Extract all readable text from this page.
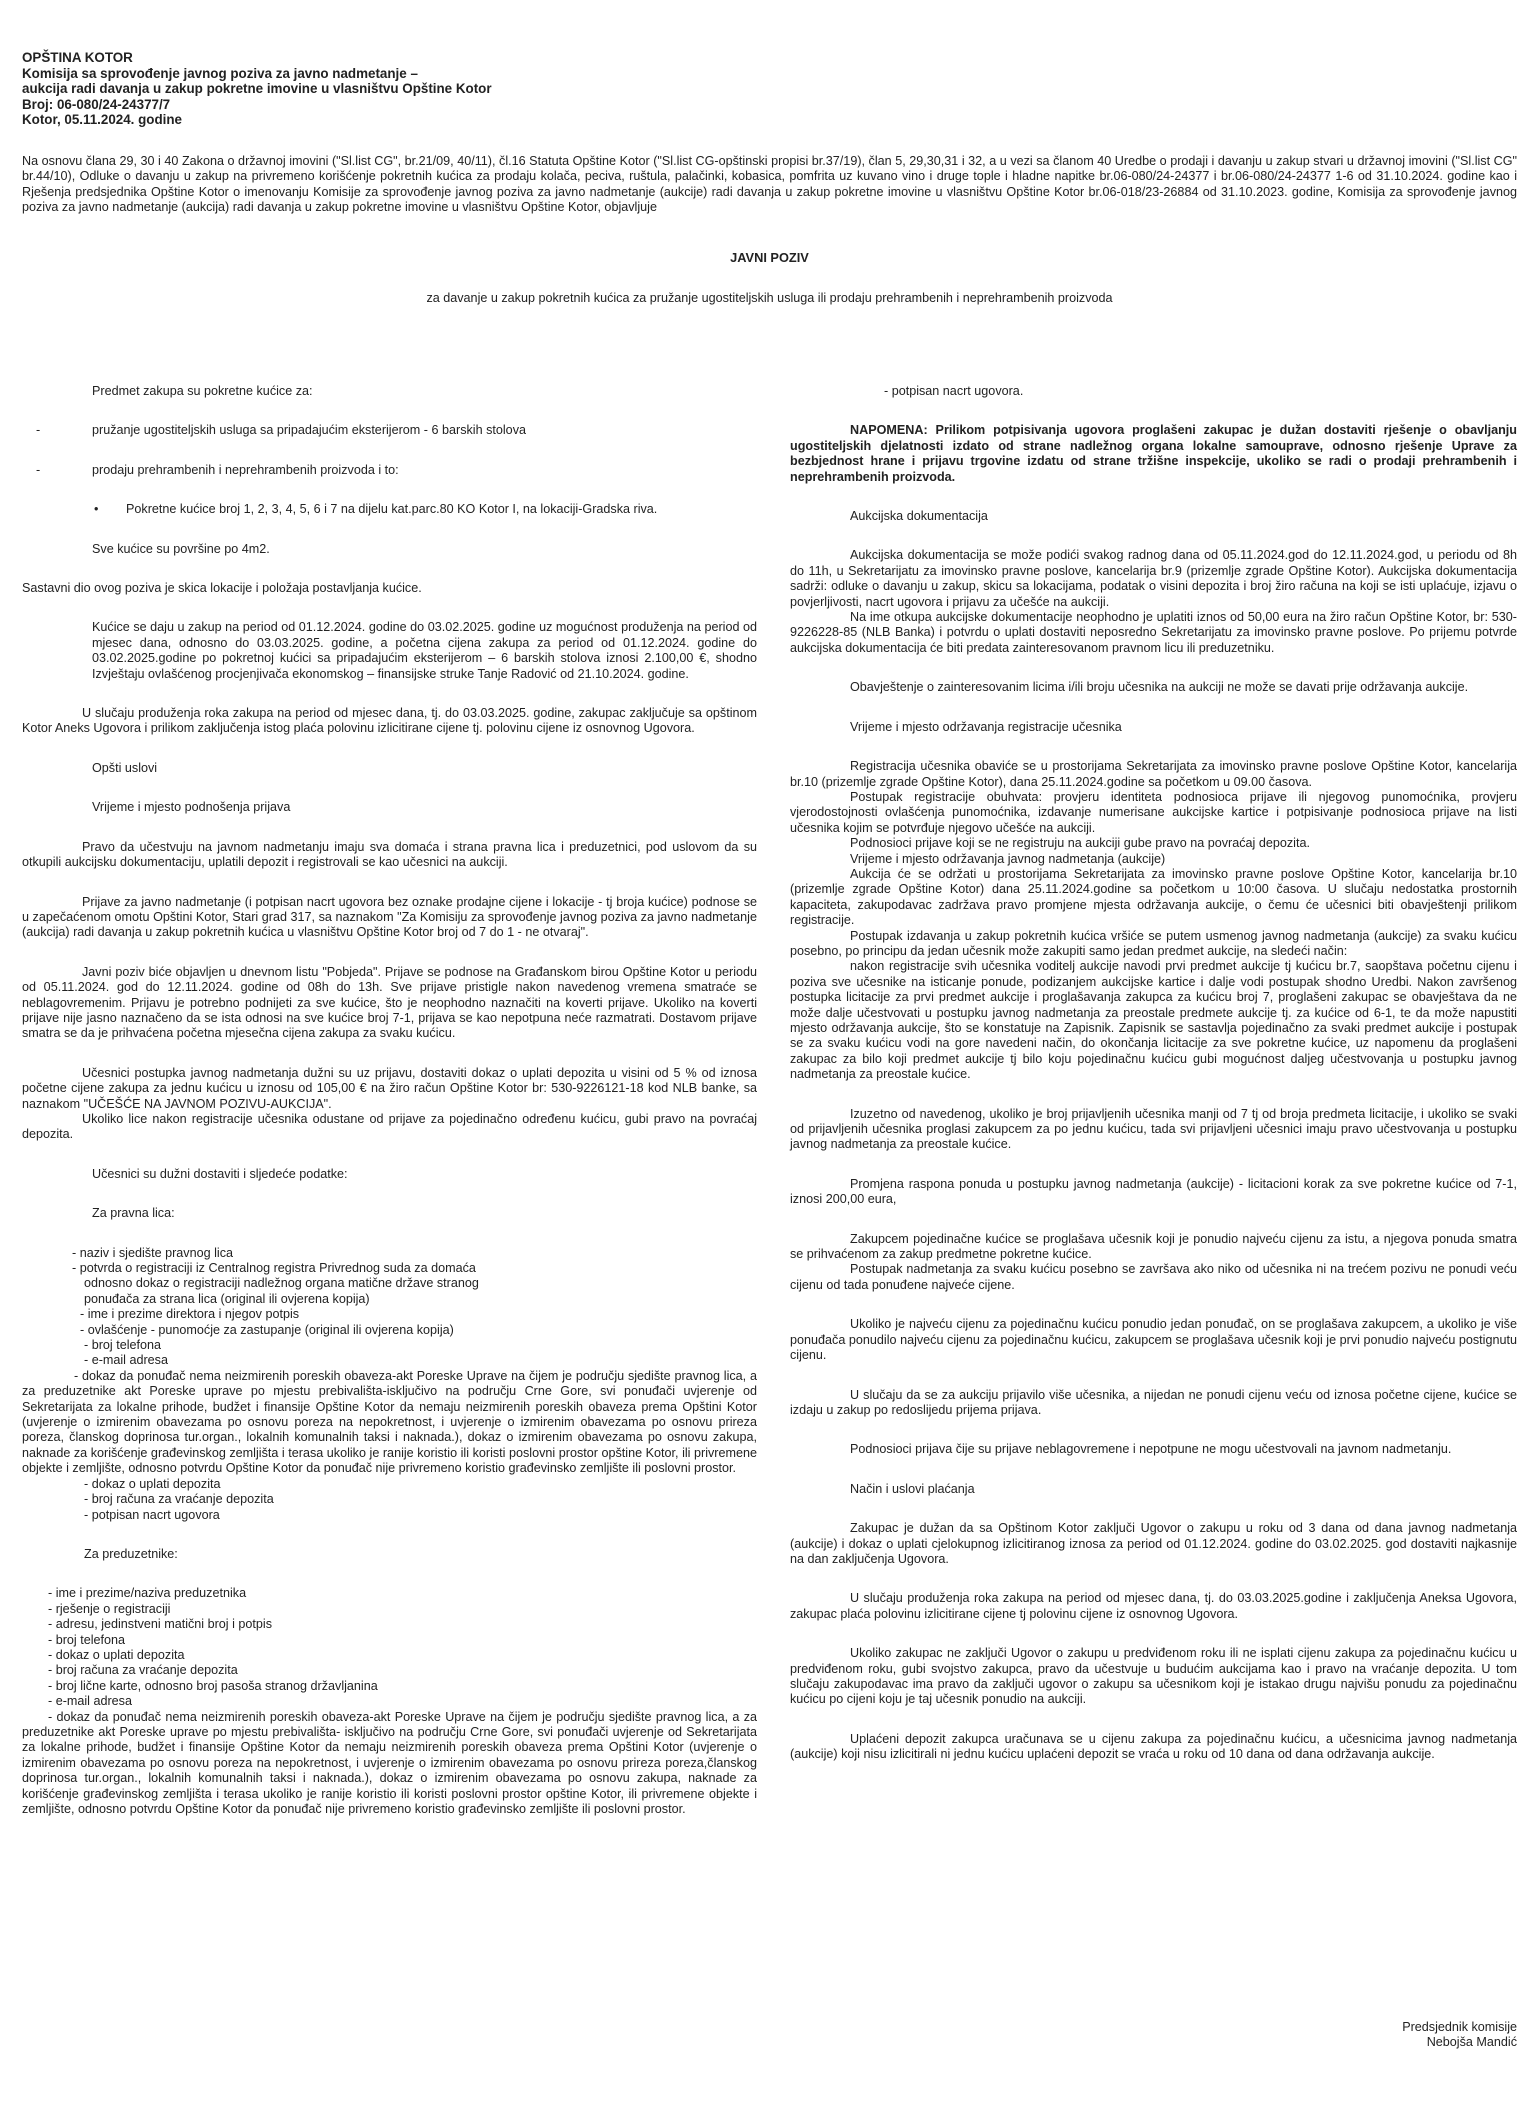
OPŠTINA KOTOR

Komisija sa sprovođenje javnog poziva za javno nadmetanje –

aukcija radi davanja u zakup pokretne imovine u vlasništvu Opštine Kotor

Broj: 06-080/24-24377/7

Kotor, 05.11.2024. godine

Na osnovu člana 29, 30 i 40 Zakona o državnoj imovini ("Sl.list CG", br.21/09, 40/11), čl.16 Statuta Opštine Kotor ("Sl.list CG-opštinski propisi br.37/19), član 5, 29,30,31 i 32, a u vezi sa članom 40 Uredbe o prodaji i davanju u zakup stvari u državnoj imovini ("Sl.list CG" br.44/10), Odluke o davanju u zakup na privremeno korišćenje pokretnih kućica za prodaju kolača, peciva, ruštula, palačinki, kobasica, pomfrita uz kuvano vino i druge tople i hladne napitke br.06-080/24-24377 i br.06-080/24-24377 1-6 od 31.10.2024. godine kao i Rješenja predsjednika Opštine Kotor o imenovanju Komisije za sprovođenje javnog poziva za javno nadmetanje (aukcije) radi davanja u zakup pokretne imovine u vlasništvu Opštine Kotor br.06-018/23-26884 od 31.10.2023. godine, Komisija za sprovođenje javnog poziva za javno nadmetanje (aukcija) radi davanja u zakup pokretne imovine u vlasništvu Opštine Kotor, objavljuje

JAVNI POZIV

za davanje u zakup pokretnih kućica za pružanje ugostiteljskih usluga ili prodaju prehrambenih i neprehrambenih proizvoda

Predmet zakupa su pokretne kućice za:

-	pružanje ugostiteljskih usluga sa pripadajućim eksterijerom - 6 barskih stolova
-	prodaju prehrambenih i neprehrambenih proizvoda i to:
•	Pokretne kućice broj 1, 2, 3, 4, 5, 6 i 7 na dijelu kat.parc.80 KO Kotor I, na lokaciji-Gradska riva.

Sve kućice su površine po 4m2.

Sastavni dio ovog poziva je skica lokacije i položaja postavljanja kućice.

Kućice se daju u zakup na period od 01.12.2024. godine do 03.02.2025. godine uz mogućnost produženja na period od mjesec dana, odnosno do 03.03.2025. godine, a početna cijena zakupa za period od 01.12.2024. godine do 03.02.2025.godine po pokretnoj kućici sa pripadajućim eksterijerom – 6 barskih stolova iznosi 2.100,00 €, shodno Izvještaju ovlašćenog procjenjivača ekonomskog – finansijske struke Tanje Radović od 21.10.2024. godine.

U slučaju produženja roka zakupa na period od mjesec dana, tj. do 03.03.2025. godine, zakupac zaključuje sa opštinom Kotor Aneks Ugovora i prilikom zaključenja istog plaća polovinu izlicitirane cijene tj. polovinu cijene iz osnovnog Ugovora.

Opšti uslovi

Vrijeme i mjesto podnošenja prijava

Pravo da učestvuju na javnom nadmetanju imaju sva domaća i strana pravna lica i preduzetnici, pod uslovom da su otkupili aukcijsku dokumentaciju, uplatili depozit i registrovali se kao učesnici na aukciji.

Prijave za javno nadmetanje (i potpisan nacrt ugovora bez oznake prodajne cijene i lokacije - tj broja kućice) podnose se u zapečaćenom omotu Opštini Kotor, Stari grad 317, sa naznakom "Za Komisiju za sprovođenje javnog poziva za javno nadmetanje (aukcija) radi davanja u zakup pokretnih kućica u vlasništvu Opštine Kotor broj od 7 do 1 - ne otvaraj".

Javni poziv biće objavljen u dnevnom listu "Pobjeda". Prijave se podnose na Građanskom birou Opštine Kotor u periodu od 05.11.2024. god do 12.11.2024. godine od 08h do 13h. Sve prijave pristigle nakon navedenog vremena smatraće se neblagovremenim. Prijavu je potrebno podnijeti za sve kućice, što je neophodno naznačiti na koverti prijave. Ukoliko na koverti prijave nije jasno naznačeno da se ista odnosi na sve kućice broj 7-1, prijava se kao nepotpuna neće razmatrati. Dostavom prijave smatra se da je prihvaćena početna mjesečna cijena zakupa za svaku kućicu.

Učesnici postupka javnog nadmetanja dužni su uz prijavu, dostaviti dokaz o uplati depozita u visini od 5 % od iznosa početne cijene zakupa za jednu kućicu u iznosu od 105,00 € na žiro račun Opštine Kotor br: 530-9226121-18 kod NLB banke, sa naznakom "UČEŠĆE NA JAVNOM POZIVU-AUKCIJA".

Ukoliko lice nakon registracije učesnika odustane od prijave za pojedinačno određenu kućicu, gubi pravo na povraćaj depozita.

Učesnici su dužni dostaviti i sljedeće podatke:

Za pravna lica:

- naziv i sjedište pravnog lica

- potvrda o registraciji iz Centralnog registra Privrednog suda za domaća

odnosno dokaz o registraciji nadležnog organa matične države stranog

ponuđača za strana lica (original ili ovjerena kopija)

- ime i prezime direktora i njegov potpis

- ovlašćenje - punomoćje za zastupanje (original ili ovjerena kopija)

- broj telefona

- e-mail adresa

- dokaz da ponuđač nema neizmirenih poreskih obaveza-akt Poreske Uprave na čijem je području sjedište pravnog lica, a za preduzetnike akt Poreske uprave po mjestu prebivališta-isključivo na području Crne Gore, svi ponuđači uvjerenje od Sekretarijata za lokalne prihode, budžet i finansije Opštine Kotor da nemaju neizmirenih poreskih obaveza prema Opštini Kotor (uvjerenje o izmirenim obavezama po osnovu poreza na nepokretnost, i uvjerenje o izmirenim obavezama po osnovu prireza poreza, članskog doprinosa tur.organ., lokalnih komunalnih taksi i naknada.), dokaz o izmirenim obavezama po osnovu zakupa, naknade za korišćenje građevinskog zemljišta i terasa ukoliko je ranije koristio ili koristi poslovni prostor opštine Kotor, ili privremene objekte i zemljište, odnosno potvrdu Opštine Kotor da ponuđač nije privremeno koristio građevinsko zemljište ili poslovni prostor.

- dokaz o uplati depozita

- broj računa za vraćanje depozita

- potpisan nacrt ugovora

Za preduzetnike:

- ime i prezime/naziva preduzetnika

- rješenje o registraciji

- adresu, jedinstveni matični broj i potpis

- broj telefona

- dokaz o uplati depozita

- broj računa za vraćanje depozita

- broj lične karte, odnosno broj pasoša stranog državljanina

- e-mail adresa

- dokaz da ponuđač nema neizmirenih poreskih obaveza-akt Poreske Uprave na čijem je području sjedište pravnog lica, a za preduzetnike akt Poreske uprave po mjestu prebivališta- isključivo na području Crne Gore, svi ponuđači uvjerenje od Sekretarijata za lokalne prihode, budžet i finansije Opštine Kotor da nemaju neizmirenih poreskih obaveza prema Opštini Kotor (uvjerenje o izmirenim obavezama po osnovu poreza na nepokretnost, i uvjerenje o izmirenim obavezama po osnovu prireza poreza,članskog doprinosa tur.organ., lokalnih komunalnih taksi i naknada.), dokaz o izmirenim obavezama po osnovu zakupa, naknade za korišćenje građevinskog zemljišta i terasa ukoliko je ranije koristio ili koristi poslovni prostor opštine Kotor, ili privremene objekte i zemljište, odnosno potvrdu Opštine Kotor da ponuđač nije privremeno koristio građevinsko zemljište ili poslovni prostor.

- potpisan nacrt ugovora.

NAPOMENA: Prilikom potpisivanja ugovora proglašeni zakupac je dužan dostaviti rješenje o obavljanju ugostiteljskih djelatnosti izdato od strane nadležnog organa lokalne samouprave, odnosno rješenje Uprave za bezbjednost hrane i prijavu trgovine izdatu od strane tržišne inspekcije, ukoliko se radi o prodaji prehrambenih i neprehrambenih proizvoda.

Aukcijska dokumentacija

Aukcijska dokumentacija se može podići svakog radnog dana od 05.11.2024.god do 12.11.2024.god, u periodu od 8h do 11h, u Sekretarijatu za imovinsko pravne poslove, kancelarija br.9 (prizemlje zgrade Opštine Kotor). Aukcijska dokumentacija sadrži: odluke o davanju u zakup, skicu sa lokacijama, podatak o visini depozita i broj žiro računa na koji se isti uplaćuje, izjavu o povjerljivosti, nacrt ugovora i prijavu za učešće na aukciji.

Na ime otkupa aukcijske dokumentacije neophodno je uplatiti iznos od 50,00 eura na žiro račun Opštine Kotor, br: 530-9226228-85 (NLB Banka) i potvrdu o uplati dostaviti neposredno Sekretarijatu za imovinsko pravne poslove. Po prijemu potvrde aukcijska dokumentacija će biti predata zainteresovanom pravnom licu ili preduzetniku.

Obavještenje o zainteresovanim licima i/ili broju učesnika na aukciji ne može se davati prije održavanja aukcije.

Vrijeme i mjesto održavanja registracije učesnika

Registracija učesnika obaviće se u prostorijama Sekretarijata za imovinsko pravne poslove Opštine Kotor, kancelarija br.10 (prizemlje zgrade Opštine Kotor), dana 25.11.2024.godine sa početkom u 09.00 časova.

Postupak registracije obuhvata: provjeru identiteta podnosioca prijave ili njegovog punomoćnika, provjeru vjerodostojnosti ovlašćenja punomoćnika, izdavanje numerisane aukcijske kartice i potpisivanje podnosioca prijave na listi učesnika kojim se potvrđuje njegovo učešće na aukciji.

Podnosioci prijave koji se ne registruju na aukciji gube pravo na povraćaj depozita.

Vrijeme i mjesto održavanja javnog nadmetanja (aukcije)

Aukcija će se održati u prostorijama Sekretarijata za imovinsko pravne poslove Opštine Kotor, kancelarija br.10 (prizemlje zgrade Opštine Kotor) dana 25.11.2024.godine sa početkom u 10:00 časova. U slučaju nedostatka prostornih kapaciteta, zakupodavac zadržava pravo promjene mjesta održavanja aukcije, o čemu će učesnici biti obavještenji prilikom registracije.

Postupak izdavanja u zakup pokretnih kućica vršiće se putem usmenog javnog nadmetanja (aukcije) za svaku kućicu posebno, po principu da jedan učesnik može zakupiti samo jedan predmet aukcije, na sledeći način:

nakon registracije svih učesnika voditelj aukcije navodi prvi predmet aukcije tj kućicu br.7, saopštava početnu cijenu i poziva sve učesnike na isticanje ponude, podizanjem aukcijske kartice i dalje vodi postupak shodno Uredbi. Nakon završenog postupka licitacije za prvi predmet aukcije i proglašavanja zakupca za kućicu broj 7, proglašeni zakupac se obavještava da ne može dalje učestvovati u postupku javnog nadmetanja za preostale predmete aukcije tj. za kućice od 6-1, te da može napustiti mjesto održavanja aukcije, što se konstatuje na Zapisnik. Zapisnik se sastavlja pojedinačno za svaki predmet aukcije i postupak se za svaku kućicu vodi na gore navedeni način, do okončanja licitacije za sve pokretne kućice, uz napomenu da proglašeni zakupac za bilo koji predmet aukcije tj bilo koju pojedinačnu kućicu gubi mogućnost daljeg učestvovanja u postupku javnog nadmetanja za preostale kućice.

Izuzetno od navedenog, ukoliko je broj prijavljenih učesnika manji od 7 tj od broja predmeta licitacije, i ukoliko se svaki od prijavljenih učesnika proglasi zakupcem za po jednu kućicu, tada svi prijavljeni učesnici imaju pravo učestvovanja u postupku javnog nadmetanja za preostale kućice.

Promjena raspona ponuda u postupku javnog nadmetanja (aukcije) - licitacioni korak za sve pokretne kućice od 7-1, iznosi 200,00 eura,

Zakupcem pojedinačne kućice se proglašava učesnik koji je ponudio najveću cijenu za istu, a njegova ponuda smatra se prihvaćenom za zakup predmetne pokretne kućice.

Postupak nadmetanja za svaku kućicu posebno se završava ako niko od učesnika ni na trećem pozivu ne ponudi veću cijenu od tada ponuđene najveće cijene.

Ukoliko je najveću cijenu za pojedinačnu kućicu ponudio jedan ponuđač, on se proglašava zakupcem, a ukoliko je više ponuđača ponudilo najveću cijenu za pojedinačnu kućicu, zakupcem se proglašava učesnik koji je prvi ponudio najveću postignutu cijenu.

U slučaju da se za aukciju prijavilo više učesnika, a nijedan ne ponudi cijenu veću od iznosa početne cijene, kućice se izdaju u zakup po redoslijedu prijema prijava.

Podnosioci prijava čije su prijave neblagovremene i nepotpune ne mogu učestvovali na javnom nadmetanju.

Način i uslovi plaćanja

Zakupac je dužan da sa Opštinom Kotor zaključi Ugovor o zakupu u roku od 3 dana od dana javnog nadmetanja (aukcije) i dokaz o uplati cjelokupnog izlicitiranog iznosa za period od 01.12.2024. godine do 03.02.2025. god dostaviti najkasnije na dan zaključenja Ugovora.

U slučaju produženja roka zakupa na period od mjesec dana, tj. do 03.03.2025.godine i zaključenja Aneksa Ugovora, zakupac plaća polovinu izlicitirane cijene tj polovinu cijene iz osnovnog Ugovora.

Ukoliko zakupac ne zaključi Ugovor o zakupu u predviđenom roku ili ne isplati cijenu zakupa za pojedinačnu kućicu u predviđenom roku, gubi svojstvo zakupca, pravo da učestvuje u budućim aukcijama kao i pravo na vraćanje depozita. U tom slučaju zakupodavac ima pravo da zaključi ugovor o zakupu sa učesnikom koji je istakao drugu najvišu ponudu za pojedinačnu kućicu po cijeni koju je taj učesnik ponudio na aukciji.

Uplaćeni depozit zakupca uračunava se u cijenu zakupa za pojedinačnu kućicu, a učesnicima javnog nadmetanja (aukcije) koji nisu izlicitirali ni jednu kućicu uplaćeni depozit se vraća u roku od 10 dana od dana održavanja aukcije.

Predsjednik komisije

Nebojša Mandić
